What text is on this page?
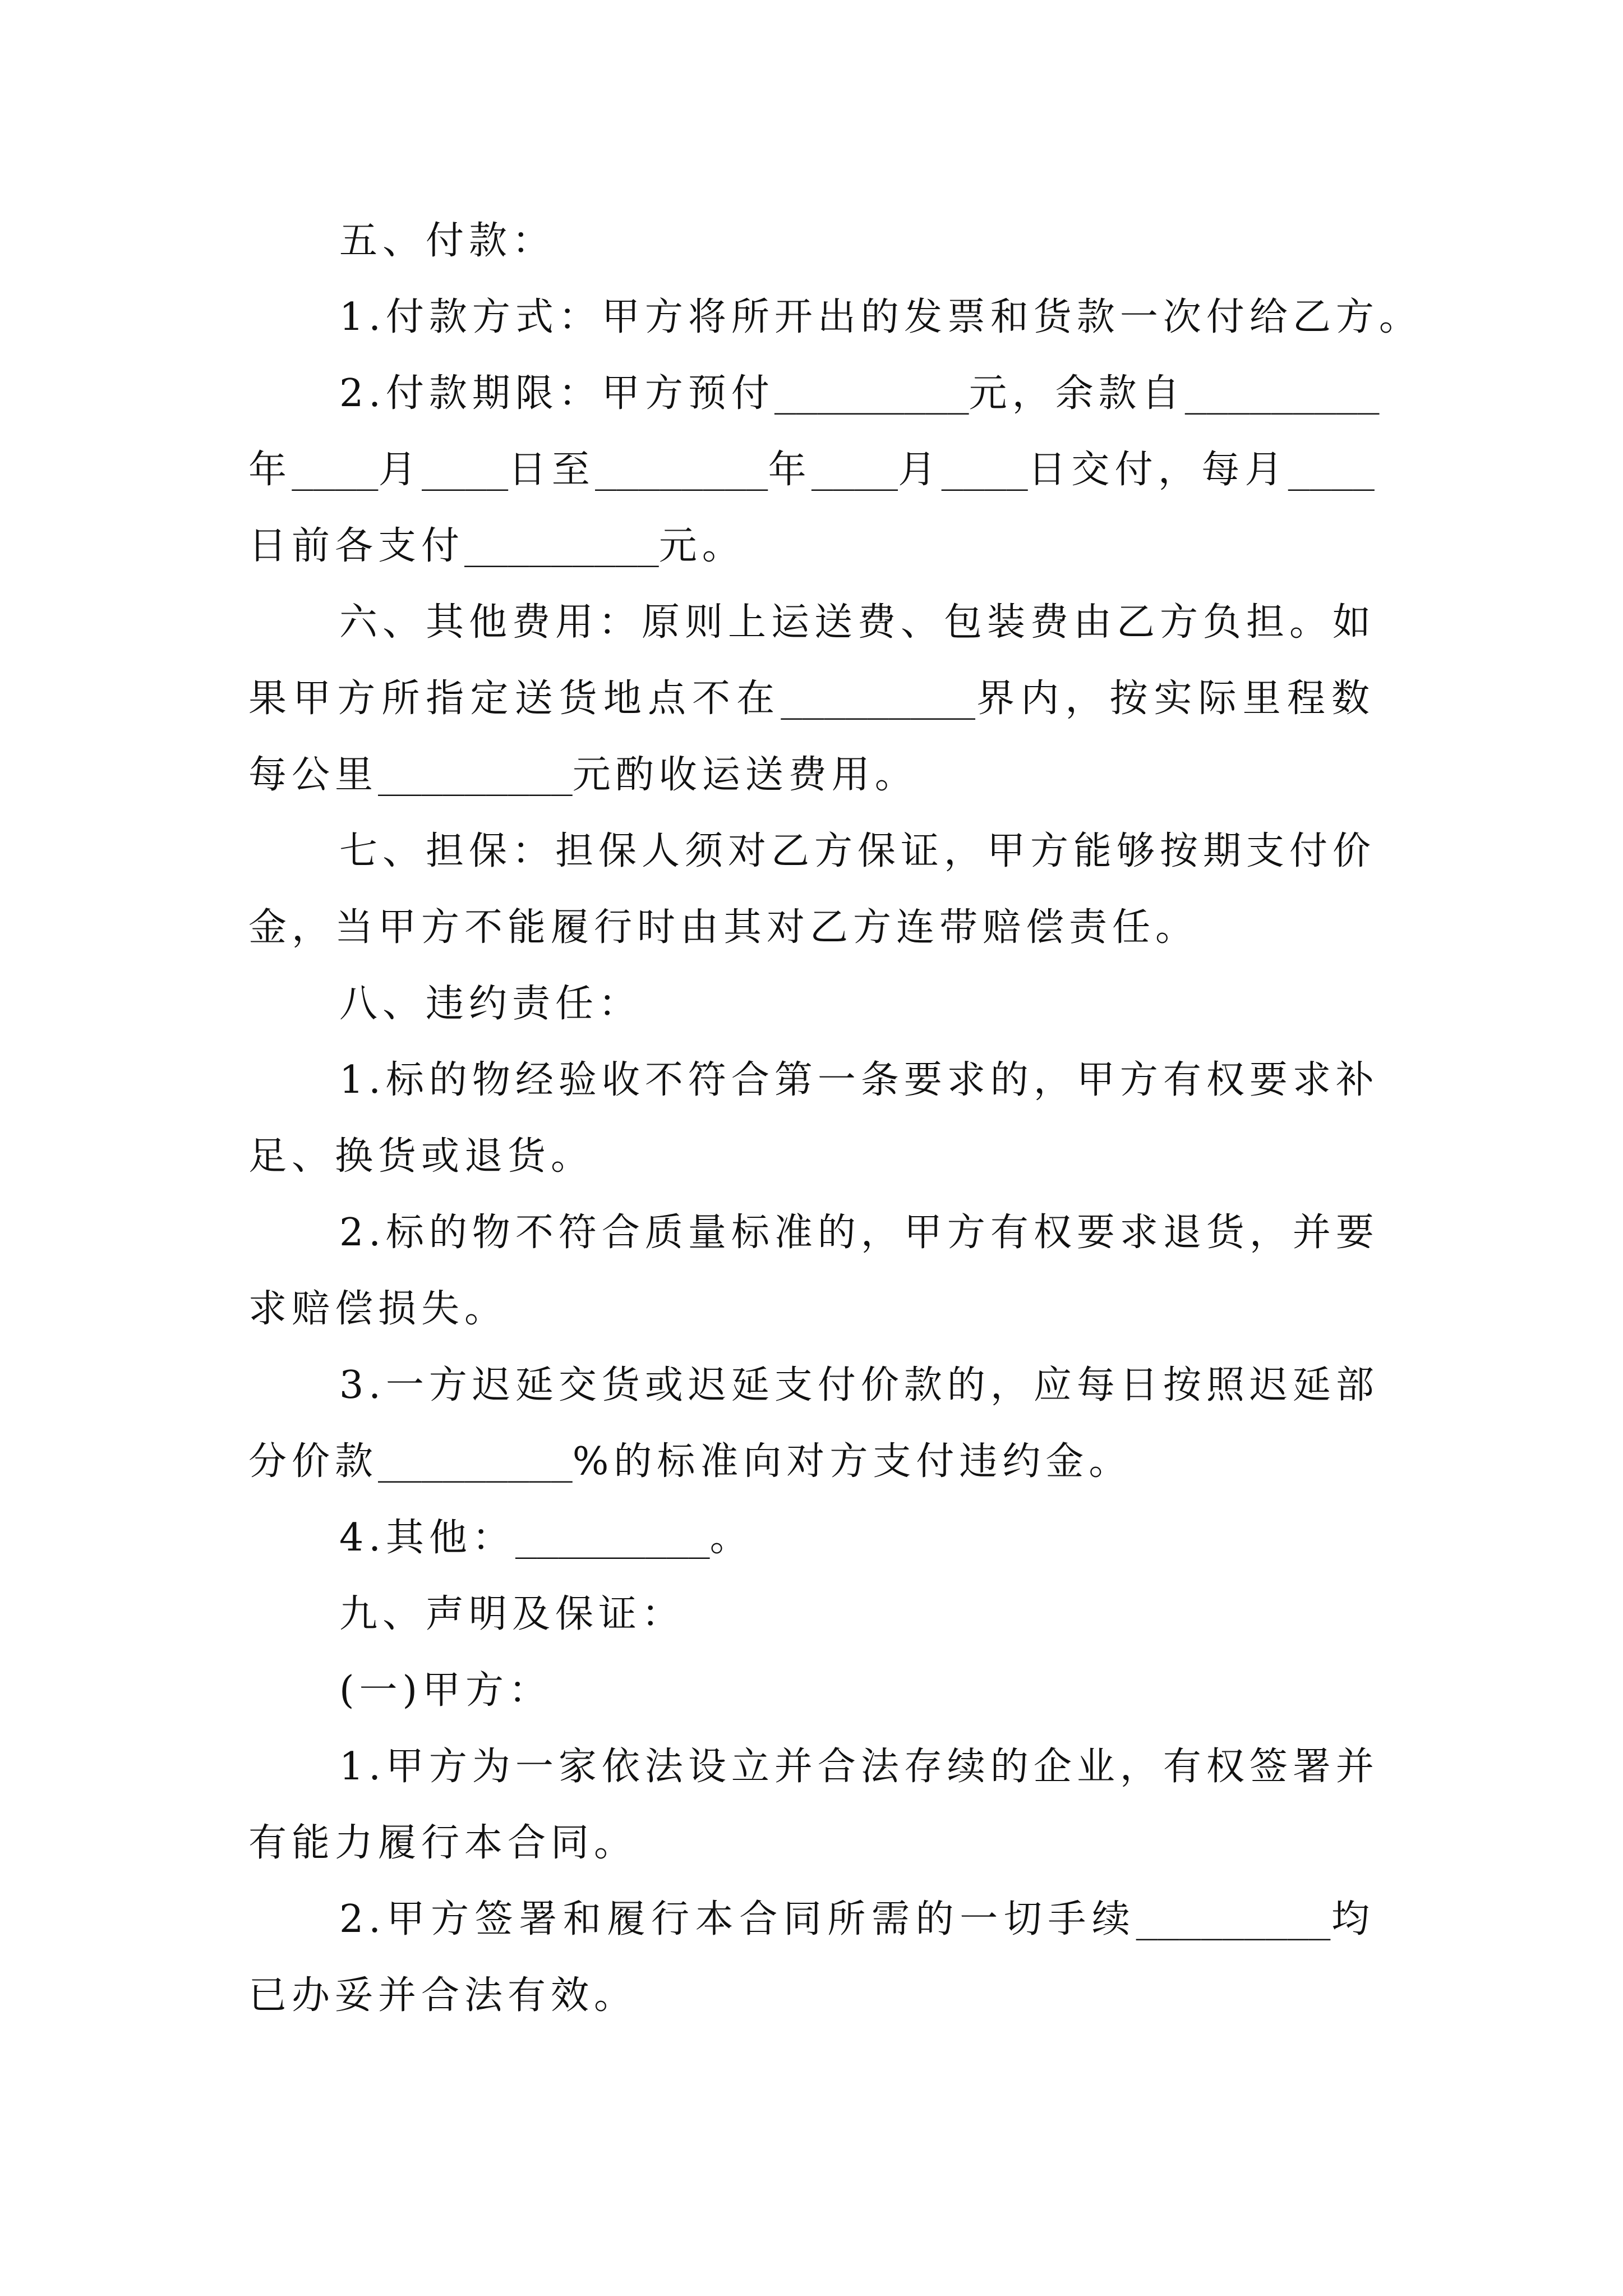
五、付款：
1.付款方式：甲方将所开出的发票和货款一次付给乙方。
2.付款期限：甲方预付_________元，余款自_________
年____月____日至________年____月____日交付，每月____
日前各支付_________元。
六、其他费用：原则上运送费、包装费由乙方负担。如
果甲方所指定送货地点不在_________界内，按实际里程数
每公里_________元酌收运送费用。
七、担保：担保人须对乙方保证，甲方能够按期支付价
金，当甲方不能履行时由其对乙方连带赔偿责任。
八、违约责任：
1.标的物经验收不符合第一条要求的，甲方有权要求补
足、换货或退货。
2.标的物不符合质量标准的，甲方有权要求退货，并要
求赔偿损失。
3.一方迟延交货或迟延支付价款的，应每日按照迟延部
分价款_________%的标准向对方支付违约金。
4.其他：_________。
九、声明及保证：
(一)甲方：
1.甲方为一家依法设立并合法存续的企业，有权签署并
有能力履行本合同。
2.甲方签署和履行本合同所需的一切手续_________均
已办妥并合法有效。
